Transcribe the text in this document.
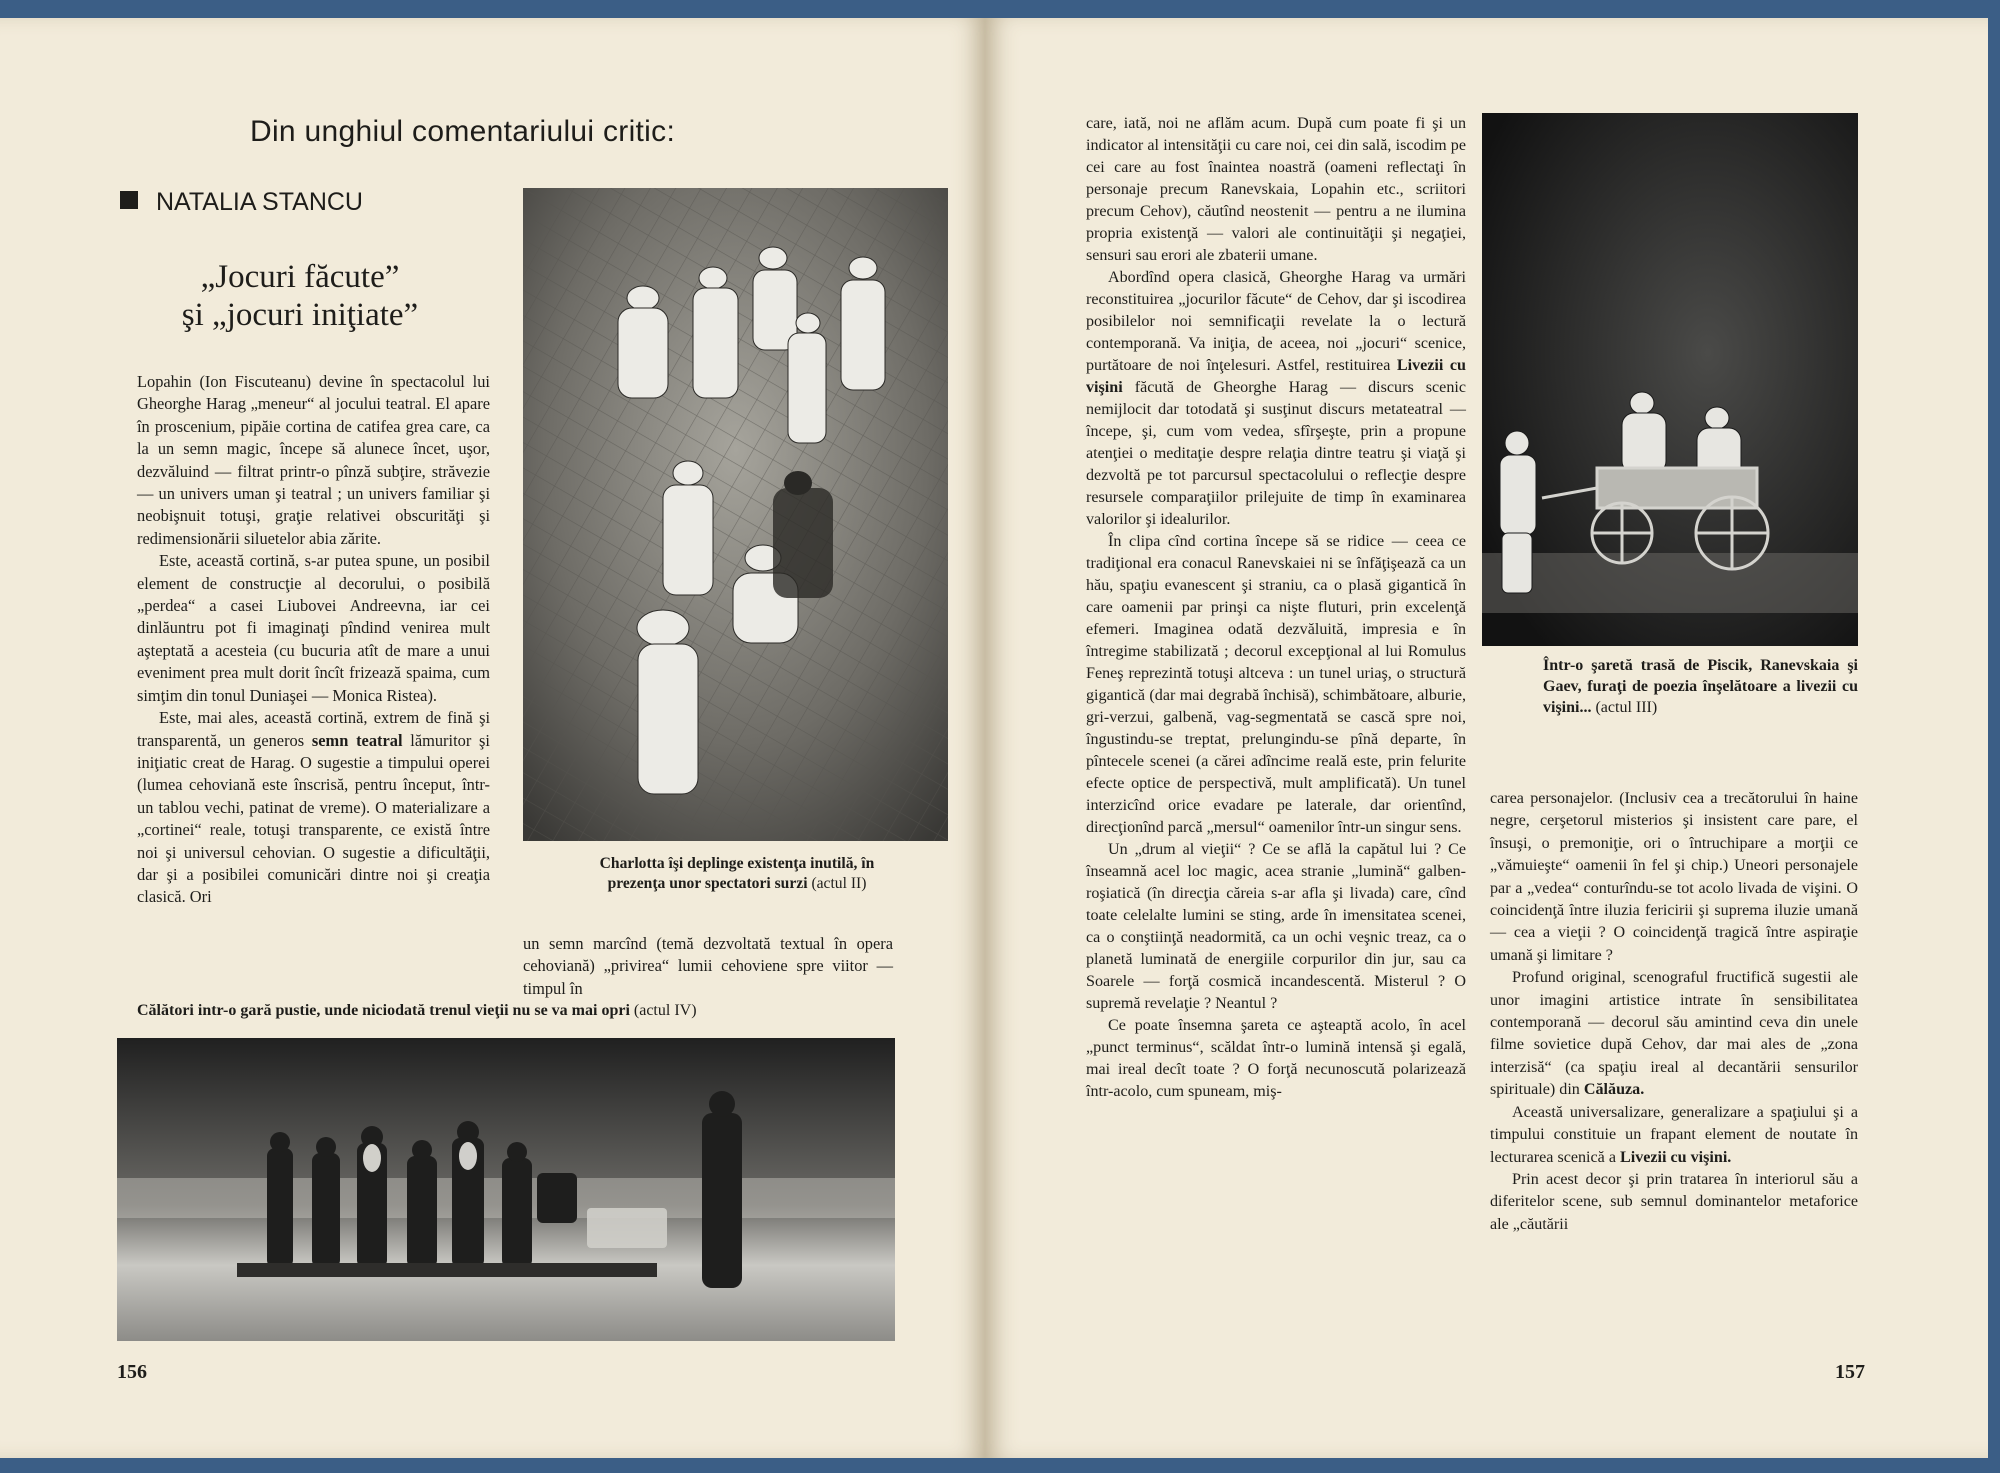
Din unghiul comentariului critic:
NATALIA STANCU
„Jocuri făcute”
şi „jocuri iniţiate”

Lopahin (Ion Fiscuteanu) devine în spectacolul lui Gheorghe Harag „meneur“ al jocului teatral. El apare în proscenium, pipăie cortina de catifea grea care, ca la un semn magic, începe să alunece încet, uşor, dezvăluind — filtrat printr-o pînză subţire, străvezie — un univers uman şi teatral ; un univers familiar şi neobişnuit totuşi, graţie relativei obscurităţi şi redimensionării siluetelor abia zărite.

Este, această cortină, s-ar putea spune, un posibil element de construcţie al decorului, o posibilă „perdea“ a casei Liubovei Andreevna, iar cei dinlăuntru pot fi imaginaţi pîndind venirea mult aşteptată a acesteia (cu bucuria atît de mare a unui eveniment prea mult dorit încît frizează spaima, cum simţim din tonul Duniaşei — Monica Ristea).

Este, mai ales, această cortină, extrem de fină şi transparentă, un generos semn teatral lămuritor şi iniţiatic creat de Harag. O sugestie a timpului operei (lumea cehoviană este înscrisă, pentru început, într-un tablou vechi, patinat de vreme). O materializare a „cortinei“ reale, totuşi transparente, ce există între noi şi universul cehovian. O sugestie a dificultăţii, dar şi a posibilei comunicări dintre noi şi creaţia clasică. Ori

Charlotta îşi deplinge existenţa inutilă, în prezenţa unor spectatori surzi (actul II)

un semn marcînd (temă dezvoltată textual în opera cehoviană) „privirea“ lumii cehoviene spre viitor — timpul în

Călători intr-o gară pustie, unde niciodată trenul vieţii nu se va mai opri (actul IV)
156

care, iată, noi ne aflăm acum. După cum poate fi şi un indicator al intensităţii cu care noi, cei din sală, iscodim pe cei care au fost înaintea noastră (oameni reflectaţi în personaje precum Ranevskaia, Lopahin etc., scriitori precum Cehov), căutînd neostenit — pentru a ne ilumina propria existenţă — valori ale continuităţii şi negaţiei, sensuri sau erori ale zbaterii umane.

Abordînd opera clasică, Gheorghe Harag va urmări reconstituirea „jocurilor făcute“ de Cehov, dar şi iscodirea posibilelor noi semnificaţii revelate la o lectură contemporană. Va iniţia, de aceea, noi „jocuri“ scenice, purtătoare de noi înţelesuri. Astfel, restituirea Livezii cu vişini făcută de Gheorghe Harag — discurs scenic nemijlocit dar totodată şi susţinut discurs metateatral — începe, şi, cum vom vedea, sfîrşeşte, prin a propune atenţiei o meditaţie despre relaţia dintre teatru şi viaţă şi dezvoltă pe tot parcursul spectacolului o reflecţie despre resursele comparaţiilor prilejuite de timp în examinarea valorilor şi idealurilor.

În clipa cînd cortina începe să se ridice — ceea ce tradiţional era conacul Ranevskaiei ni se înfăţişează ca un hău, spaţiu evanescent şi straniu, ca o plasă gigantică în care oamenii par prinşi ca nişte fluturi, prin excelenţă efemeri. Imaginea odată dezvăluită, impresia e în întregime stabilizată ; decorul excepţional al lui Romulus Feneş reprezintă totuşi altceva : un tunel uriaş, o structură gigantică (dar mai degrabă închisă), schimbătoare, alburie, gri-verzui, galbenă, vag-segmentată se cască spre noi, îngustindu-se treptat, prelungindu-se pînă departe, în pîntecele scenei (a cărei adîncime reală este, prin felurite efecte optice de perspectivă, mult amplificată). Un tunel interzicînd orice evadare pe laterale, dar orientînd, direcţionînd parcă „mersul“ oamenilor într-un singur sens.

Un „drum al vieţii“ ? Ce se află la capătul lui ? Ce înseamnă acel loc magic, acea stranie „lumină“ galben-roşiatică (în direcţia căreia s-ar afla şi livada) care, cînd toate celelalte lumini se sting, arde în imensitatea scenei, ca o conştiinţă neadormită, ca un ochi veşnic treaz, ca o planetă luminată de energiile corpurilor din jur, sau ca Soarele — forţă cosmică incandescentă. Misterul ? O supremă revelaţie ? Neantul ?

Ce poate însemna şareta ce aşteaptă acolo, în acel „punct terminus“, scăldat într-o lumină intensă şi egală, mai ireal decît toate ? O forţă necunoscută polarizează într-acolo, cum spuneam, miş-

Într-o şaretă trasă de Piscik, Ranevskaia şi Gaev, furaţi de poezia înşelătoare a livezii cu vişini... (actul III)

carea personajelor. (Inclusiv cea a trecătorului în haine negre, cerşetorul misterios şi insistent care pare, el însuşi, o premoniţie, ori o întruchipare a morţii ce „vămuieşte“ oamenii în fel şi chip.) Uneori personajele par a „vedea“ conturîndu-se tot acolo livada de vişini. O coincidenţă între iluzia fericirii şi suprema iluzie umană — cea a vieţii ? O coincidenţă tragică între aspiraţie umană şi limitare ?

Profund original, scenograful fructifică sugestii ale unor imagini artistice intrate în sensibilitatea contemporană — decorul său amintind ceva din unele filme sovietice după Cehov, dar mai ales de „zona interzisă“ (ca spaţiu ireal al decantării sensurilor spirituale) din Călăuza.

Această universalizare, generalizare a spaţiului şi a timpului constituie un frapant element de noutate în lecturarea scenică a Livezii cu vişini.

Prin acest decor şi prin tratarea în interiorul său a diferitelor scene, sub semnul dominantelor metaforice ale „căutării

157
